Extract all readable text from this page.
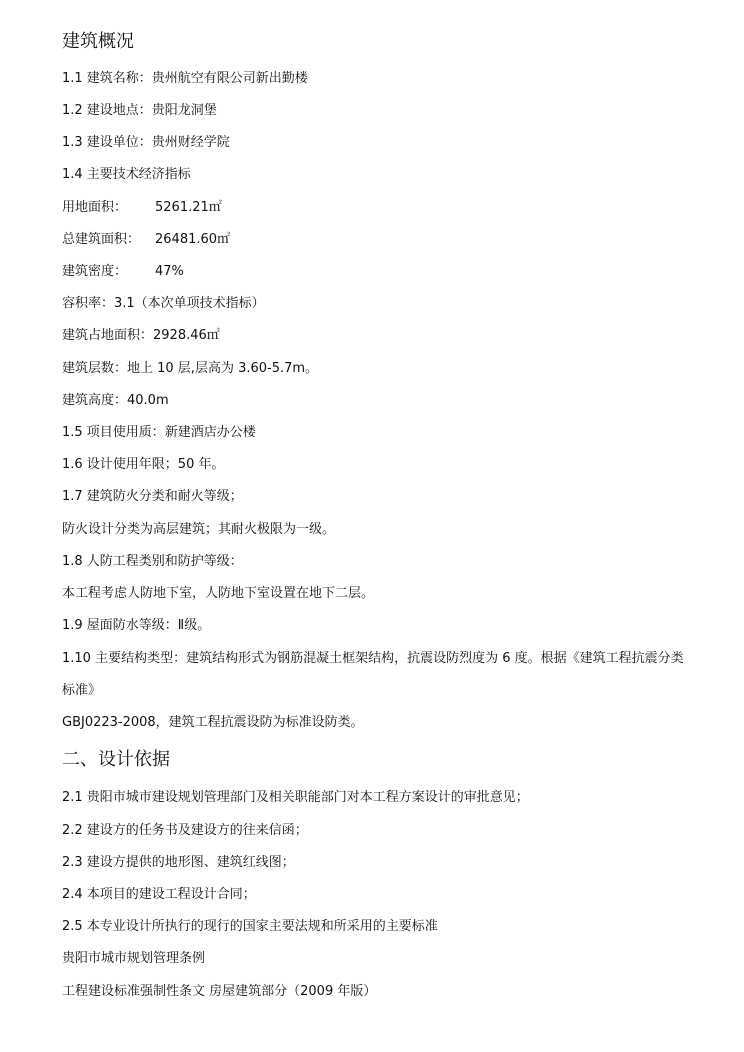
建筑概况
1.1 建筑名称：贵州航空有限公司新出勤楼
1.2 建设地点：贵阳龙洞堡
1.3 建设单位：贵州财经学院
1.4 主要技术经济指标
用地面积： 5261.21㎡
总建筑面积： 26481.60㎡
建筑密度： 47%
容积率：3.1（本次单项技术指标）
建筑占地面积：2928.46㎡
建筑层数：地上 10 层,层高为 3.60-5.7m。
建筑高度：40.0m
1.5 项目使用质：新建酒店办公楼
1.6 设计使用年限；50 年。
1.7 建筑防火分类和耐火等级；
防火设计分类为高层建筑；其耐火极限为一级。
1.8 人防工程类别和防护等级：
本工程考虑人防地下室，人防地下室设置在地下二层。
1.9 屋面防水等级：Ⅱ级。
1.10 主要结构类型：建筑结构形式为钢筋混凝土框架结构，抗震设防烈度为 6 度。根据《建筑工程抗震分类
标准》
GBJ0223-2008，建筑工程抗震设防为标准设防类。
二、设计依据
2.1 贵阳市城市建设规划管理部门及相关职能部门对本工程方案设计的审批意见；
2.2 建设方的任务书及建设方的往来信函；
2.3 建设方提供的地形图、建筑红线图；
2.4 本项目的建设工程设计合同；
2.5 本专业设计所执行的现行的国家主要法规和所采用的主要标准
贵阳市城市规划管理条例
工程建设标准强制性条文 房屋建筑部分（2009 年版）
